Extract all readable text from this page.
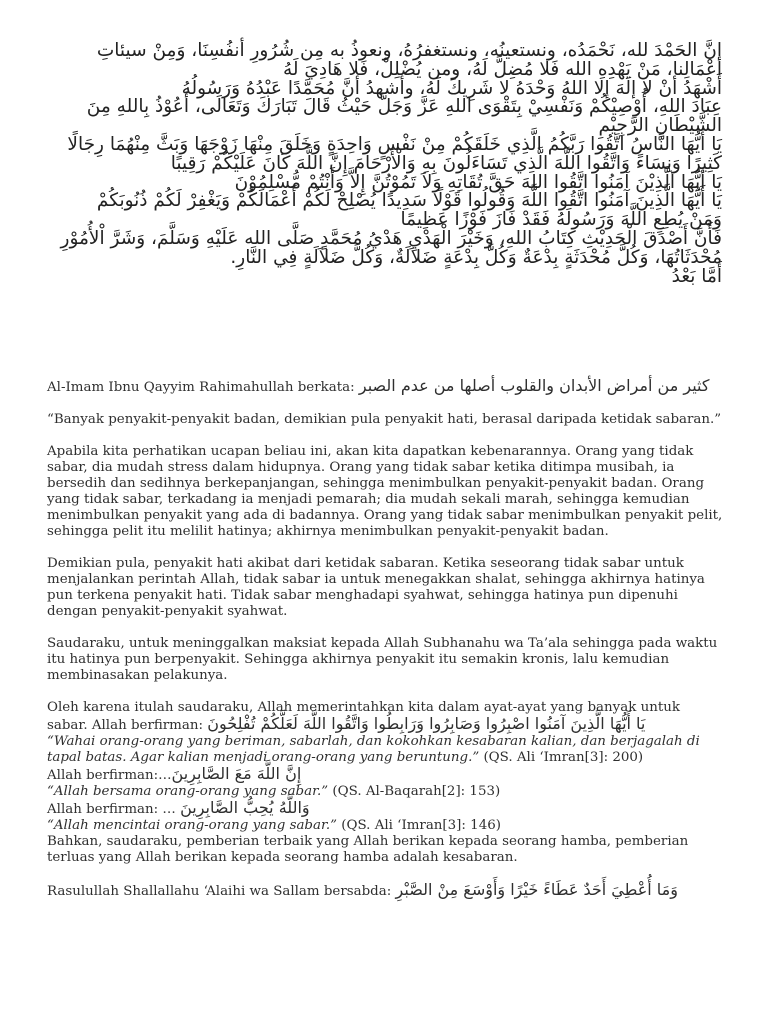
إنَّ الحَمْدَ لله، نَحْمَدُه، ونستعينُه، ونستغفرُهُ، ونعوذُ به مِن شُرُورِ أنفُسِنَا، وَمِنْ سيئاتِ أعْمَالِنا، مَنْ يَهْدِهِ الله فَلا مُضِلَّ لَهُ، ومن يُضْلِلْ، فَلا هَادِيَ لَهُ

أَشْهَدُ أنْ لا إلَهَ إلا اللهُ وَحْدَهُ لا شَرِيكَ لَهُ، وأشهدُ أنَّ مُحَمَّدًا عَبْدُهُ وَرَسُولُهُ

عِبَادَ اللهِ، أُوْصِيْكُمْ وَنَفْسِيْ بِتَقْوَى اللهِ عَزَّ وَجَلَّ حَيْثُ قَالَ تَبَارَكَ وَتَعَالَى، أَعُوْذُ بِاللهِ مِنَ الشَّيْطَانِ الرَّجِيْمِ

يَا أَيُّهَا النَّاسُ اتَّقُوا رَبَّكُمُ الَّذِي خَلَقَكُمْ مِنْ نَفْسٍ وَاحِدَةٍ وَخَلَقَ مِنْهَا زَوْجَهَا وَبَثَّ مِنْهُمَا رِجَالًا كَثِيرًا وَنِسَاءً وَاتَّقُوا اللَّهَ الَّذِي تَسَاءَلُونَ بِهِ وَالْأَرْحَامَ إِنَّ اللَّهَ كَانَ عَلَيْكُمْ رَقِيبًا

يَا أَيُّهَا الَّذِيْنَ آمَنُوا اتَّقُوا اللهَ حَقَّ تُقَاتِهِ وَلاَ تَمُوْتُنَّ إِلاَّ وَأَنْتُمْ مُّسْلِمُوْنَ

يَا أَيُّهَا الَّذِينَ آمَنُوا اتَّقُوا اللَّهَ وَقُولُوا قَوْلًا سَدِيدًا يُصْلِحْ لَكُمْ أَعْمَالَكُمْ وَيَغْفِرْ لَكُمْ ذُنُوبَكُمْ وَمَنْ يُطِعِ اللَّهَ وَرَسُولَهُ فَقَدْ فَازَ فَوْزًا عَظِيمًا

فَأَنَّ أَصْدَقَ الْحَدِيْثِ كِتَابُ اللهِ، وَخَيْرَ الْهَدْيِ هَدْيُ مُحَمَّدٍ صَلَّى الله عَلَيْهِ وَسَلَّمَ، وَشَرَّ اْلأُمُوْرِ مُحْدَثَاتُهَا، وَكُلَّ مُحْدَثَةٍ بِدْعَةٌ وَكُلَّ بِدْعَةٍ ضَلاَلَةٌ، وَكُلَّ ضَلاَلَةٍ فِي النَّارِ.

أَمَّا بَعْدُ

Al-Imam Ibnu Qayyim Rahimahullah berkata: كثير من أمراض الأبدان والقلوب أصلها من عدم الصبر

“Banyak penyakit-penyakit badan, demikian pula penyakit hati, berasal daripada ketidak sabaran.”

Apabila kita perhatikan ucapan beliau ini, akan kita dapatkan kebenarannya. Orang yang tidak sabar, dia mudah stress dalam hidupnya. Orang yang tidak sabar ketika ditimpa musibah, ia bersedih dan sedihnya berkepanjangan, sehingga menimbulkan penyakit-penyakit badan. Orang yang tidak sabar, terkadang ia menjadi pemarah; dia mudah sekali marah, sehingga kemudian menimbulkan penyakit yang ada di badannya. Orang yang tidak sabar menimbulkan penyakit pelit, sehingga pelit itu melilit hatinya; akhirnya menimbulkan penyakit-penyakit badan.

Demikian pula, penyakit hati akibat dari ketidak sabaran. Ketika seseorang tidak sabar untuk menjalankan perintah Allah, tidak sabar ia untuk menegakkan shalat, sehingga akhirnya hatinya pun terkena penyakit hati. Tidak sabar menghadapi syahwat, sehingga hatinya pun dipenuhi dengan penyakit-penyakit syahwat.

Saudaraku, untuk meninggalkan maksiat kepada Allah Subhanahu wa Ta’ala sehingga pada waktu itu hatinya pun berpenyakit. Sehingga akhirnya penyakit itu semakin kronis, lalu kemudian membinasakan pelakunya.

Oleh karena itulah saudaraku, Allah memerintahkan kita dalam ayat-ayat yang banyak untuk sabar. Allah berfirman: يَا أَيُّهَا الَّذِينَ آمَنُوا اصْبِرُوا وَصَابِرُوا وَرَابِطُوا وَاتَّقُوا اللَّهَ لَعَلَّكُمْ تُفْلِحُونَ
“Wahai orang-orang yang beriman, sabarlah, dan kokohkan kesabaran kalian, dan berjagalah di tapal batas. Agar kalian menjadi orang-orang yang beruntung.” (QS. Ali ‘Imran[3]: 200)
Allah berfirman:…إِنَّ اللَّهَ مَعَ الصَّابِرِينَ
“Allah bersama orang-orang yang sabar.” (QS. Al-Baqarah[2]: 153)
Allah berfirman: … وَاللَّهُ يُحِبُّ الصَّابِرِينَ
“Allah mencintai orang-orang yang sabar.” (QS. Ali ‘Imran[3]: 146)
Bahkan, saudaraku, pemberian terbaik yang Allah berikan kepada seorang hamba, pemberian terluas yang Allah berikan kepada seorang hamba adalah kesabaran.

Rasulullah Shallallahu ‘Alaihi wa Sallam bersabda: وَمَا أُعْطِيَ أَحَدٌ عَطَاءً خَيْرًا وَأَوْسَعَ مِنْ الصَّبْرِ
